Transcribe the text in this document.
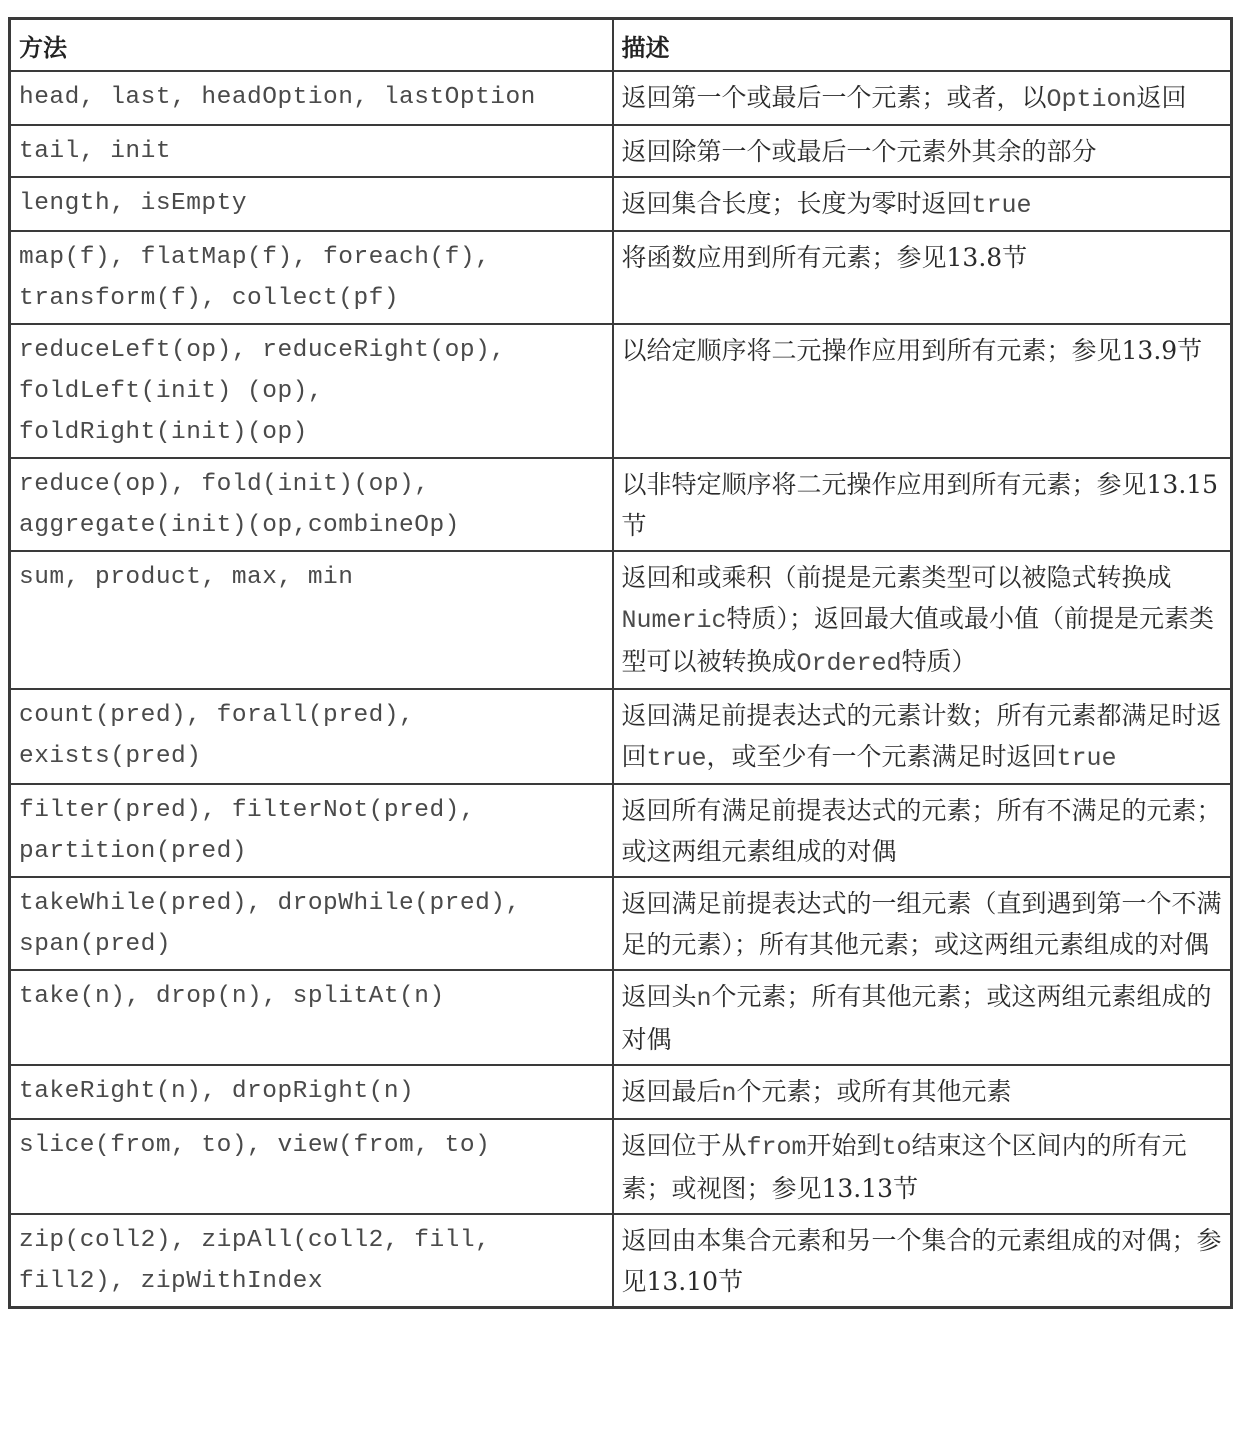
方法	描述
head, last, headOption, lastOption	返回第一个或最后一个元素；或者，以Option返回
tail, init	返回除第一个或最后一个元素外其余的部分
length, isEmpty	返回集合长度；长度为零时返回true
map(f), flatMap(f), foreach(f),
transform(f), collect(pf)	将函数应用到所有元素；参见13.8节
reduceLeft(op), reduceRight(op),
foldLeft(init) (op),
foldRight(init)(op)	以给定顺序将二元操作应用到所有元素；参见13.9节
reduce(op), fold(init)(op),
aggregate(init)(op,combineOp)	以非特定顺序将二元操作应用到所有元素；参见13.15节
sum, product, max, min	返回和或乘积（前提是元素类型可以被隐式转换成Numeric特质）；返回最大值或最小值（前提是元素类型可以被转换成Ordered特质）
count(pred), forall(pred),
exists(pred)	返回满足前提表达式的元素计数；所有元素都满足时返回true，或至少有一个元素满足时返回true
filter(pred), filterNot(pred),
partition(pred)	返回所有满足前提表达式的元素；所有不满足的元素；或这两组元素组成的对偶
takeWhile(pred), dropWhile(pred),
span(pred)	返回满足前提表达式的一组元素（直到遇到第一个不满足的元素）；所有其他元素；或这两组元素组成的对偶
take(n), drop(n), splitAt(n)	返回头n个元素；所有其他元素；或这两组元素组成的对偶
takeRight(n), dropRight(n)	返回最后n个元素；或所有其他元素
slice(from, to), view(from, to)	返回位于从from开始到to结束这个区间内的所有元素；或视图；参见13.13节
zip(coll2), zipAll(coll2, fill,
fill2), zipWithIndex	返回由本集合元素和另一个集合的元素组成的对偶；参见13.10节
